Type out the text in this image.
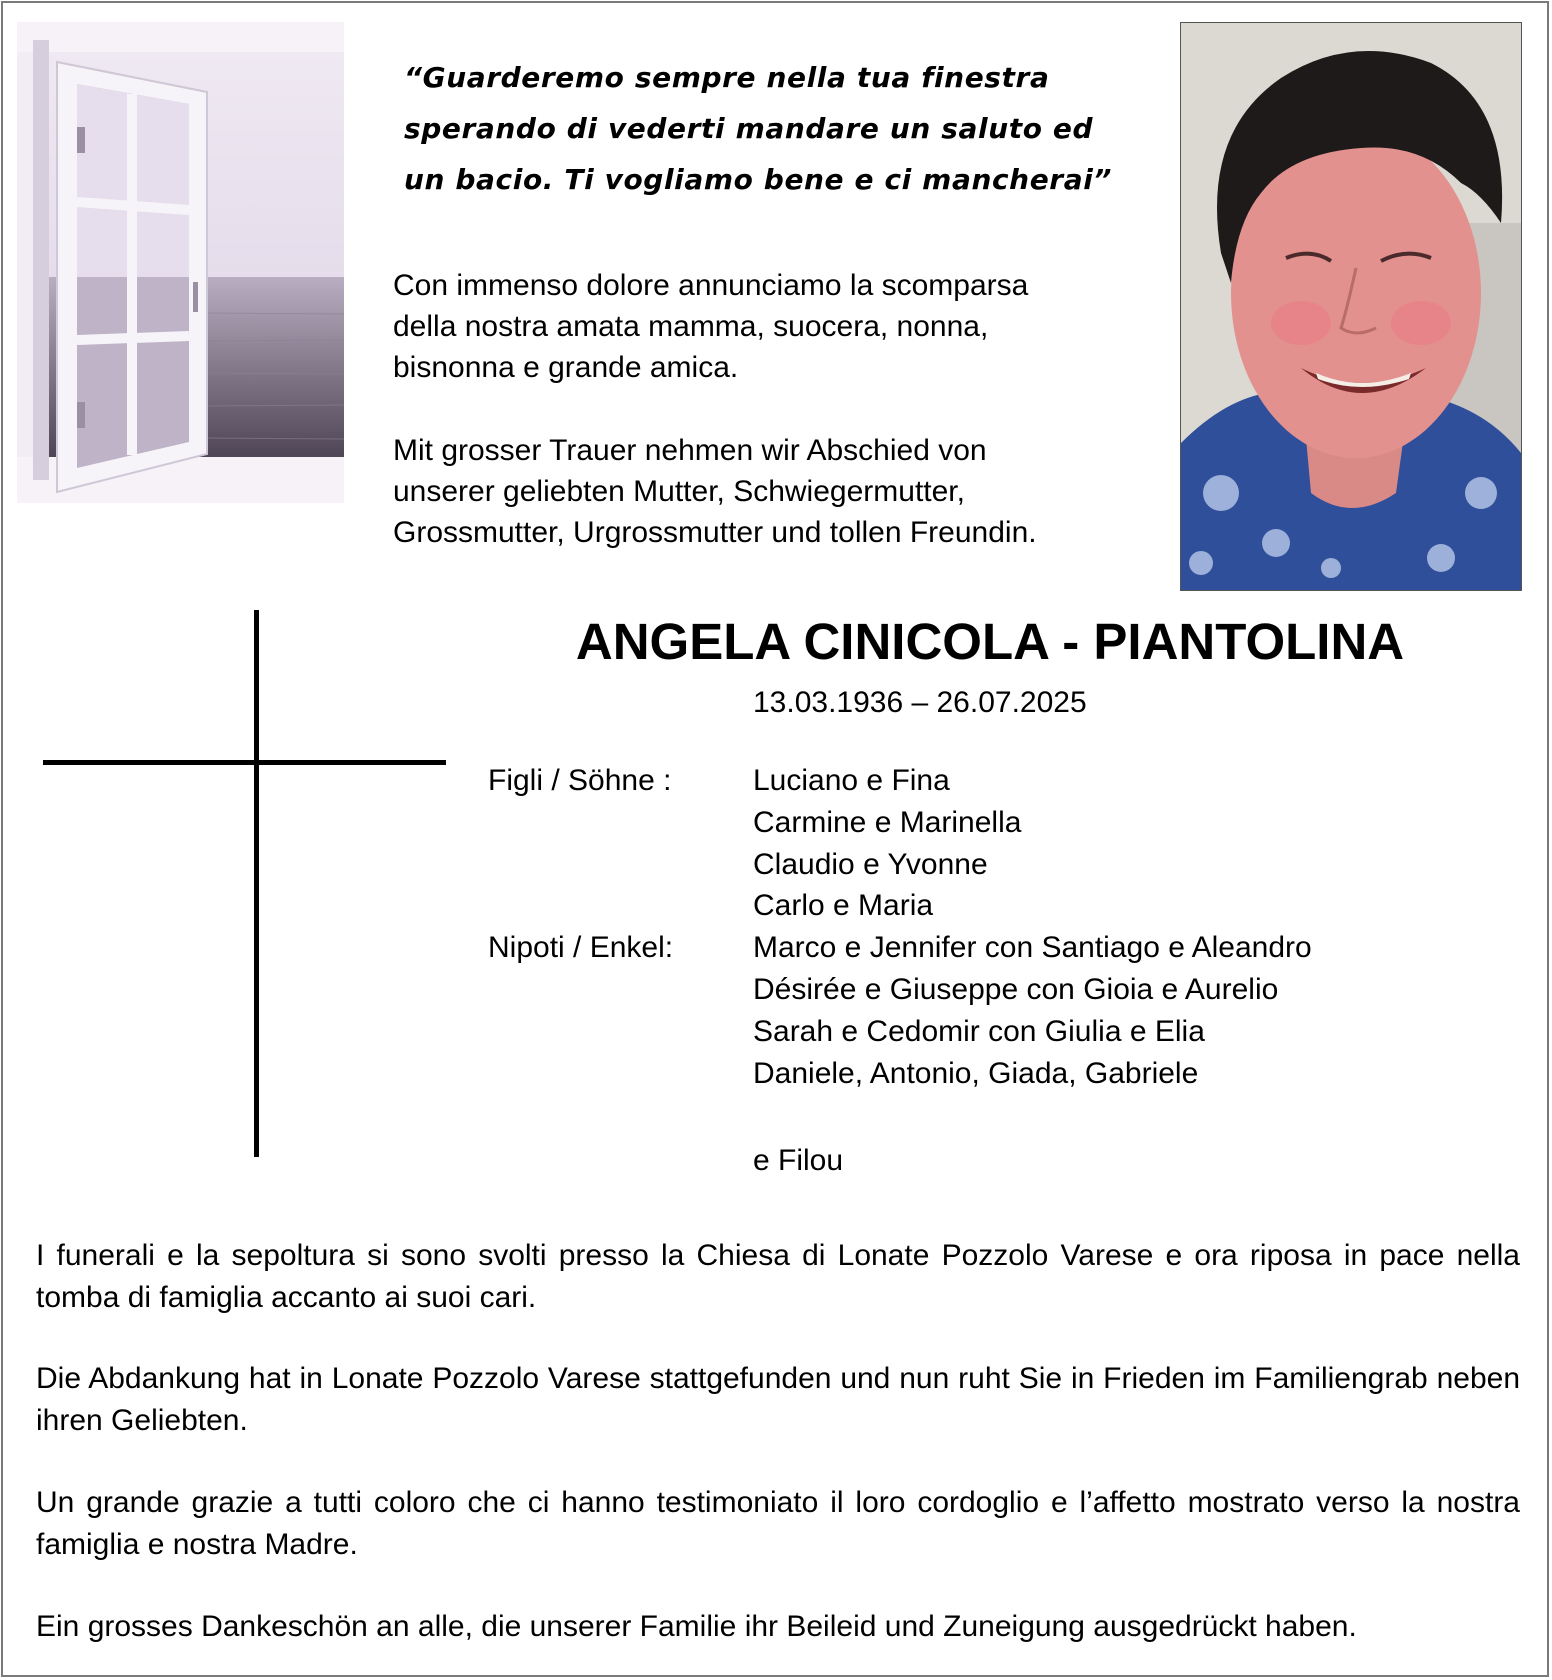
“Guarderemo sempre nella tua finestra
sperando di vederti mandare un saluto ed
un bacio. Ti vogliamo bene e ci mancherai”
Con immenso dolore annunciamo la scomparsa
della nostra amata mamma, suocera, nonna,
bisnonna e grande amica.
Mit grosser Trauer nehmen wir Abschied von
unserer geliebten Mutter, Schwiegermutter,
Grossmutter, Urgrossmutter und tollen Freundin.
ANGELA CINICOLA - PIANTOLINA
13.03.1936 – 26.07.2025
Figli / Söhne :
Nipoti / Enkel:
Luciano e Fina
Carmine e Marinella
Claudio e Yvonne
Carlo e Maria
Marco e Jennifer con Santiago e Aleandro
Désirée e Giuseppe con Gioia e Aurelio
Sarah e Cedomir con Giulia e Elia
Daniele, Antonio, Giada, Gabriele
e Filou
I funerali e la sepoltura si sono svolti presso la Chiesa di Lonate Pozzolo Varese e ora riposa in pace nella tomba di famiglia accanto ai suoi cari.
Die Abdankung hat in Lonate Pozzolo Varese stattgefunden und nun ruht Sie in Frieden im Familiengrab neben ihren Geliebten.
Un grande grazie a tutti coloro che ci hanno testimoniato il loro cordoglio e l’affetto mostrato verso la nostra famiglia e nostra Madre.
Ein grosses Dankeschön an alle, die unserer Familie ihr Beileid und Zuneigung ausgedrückt haben.
